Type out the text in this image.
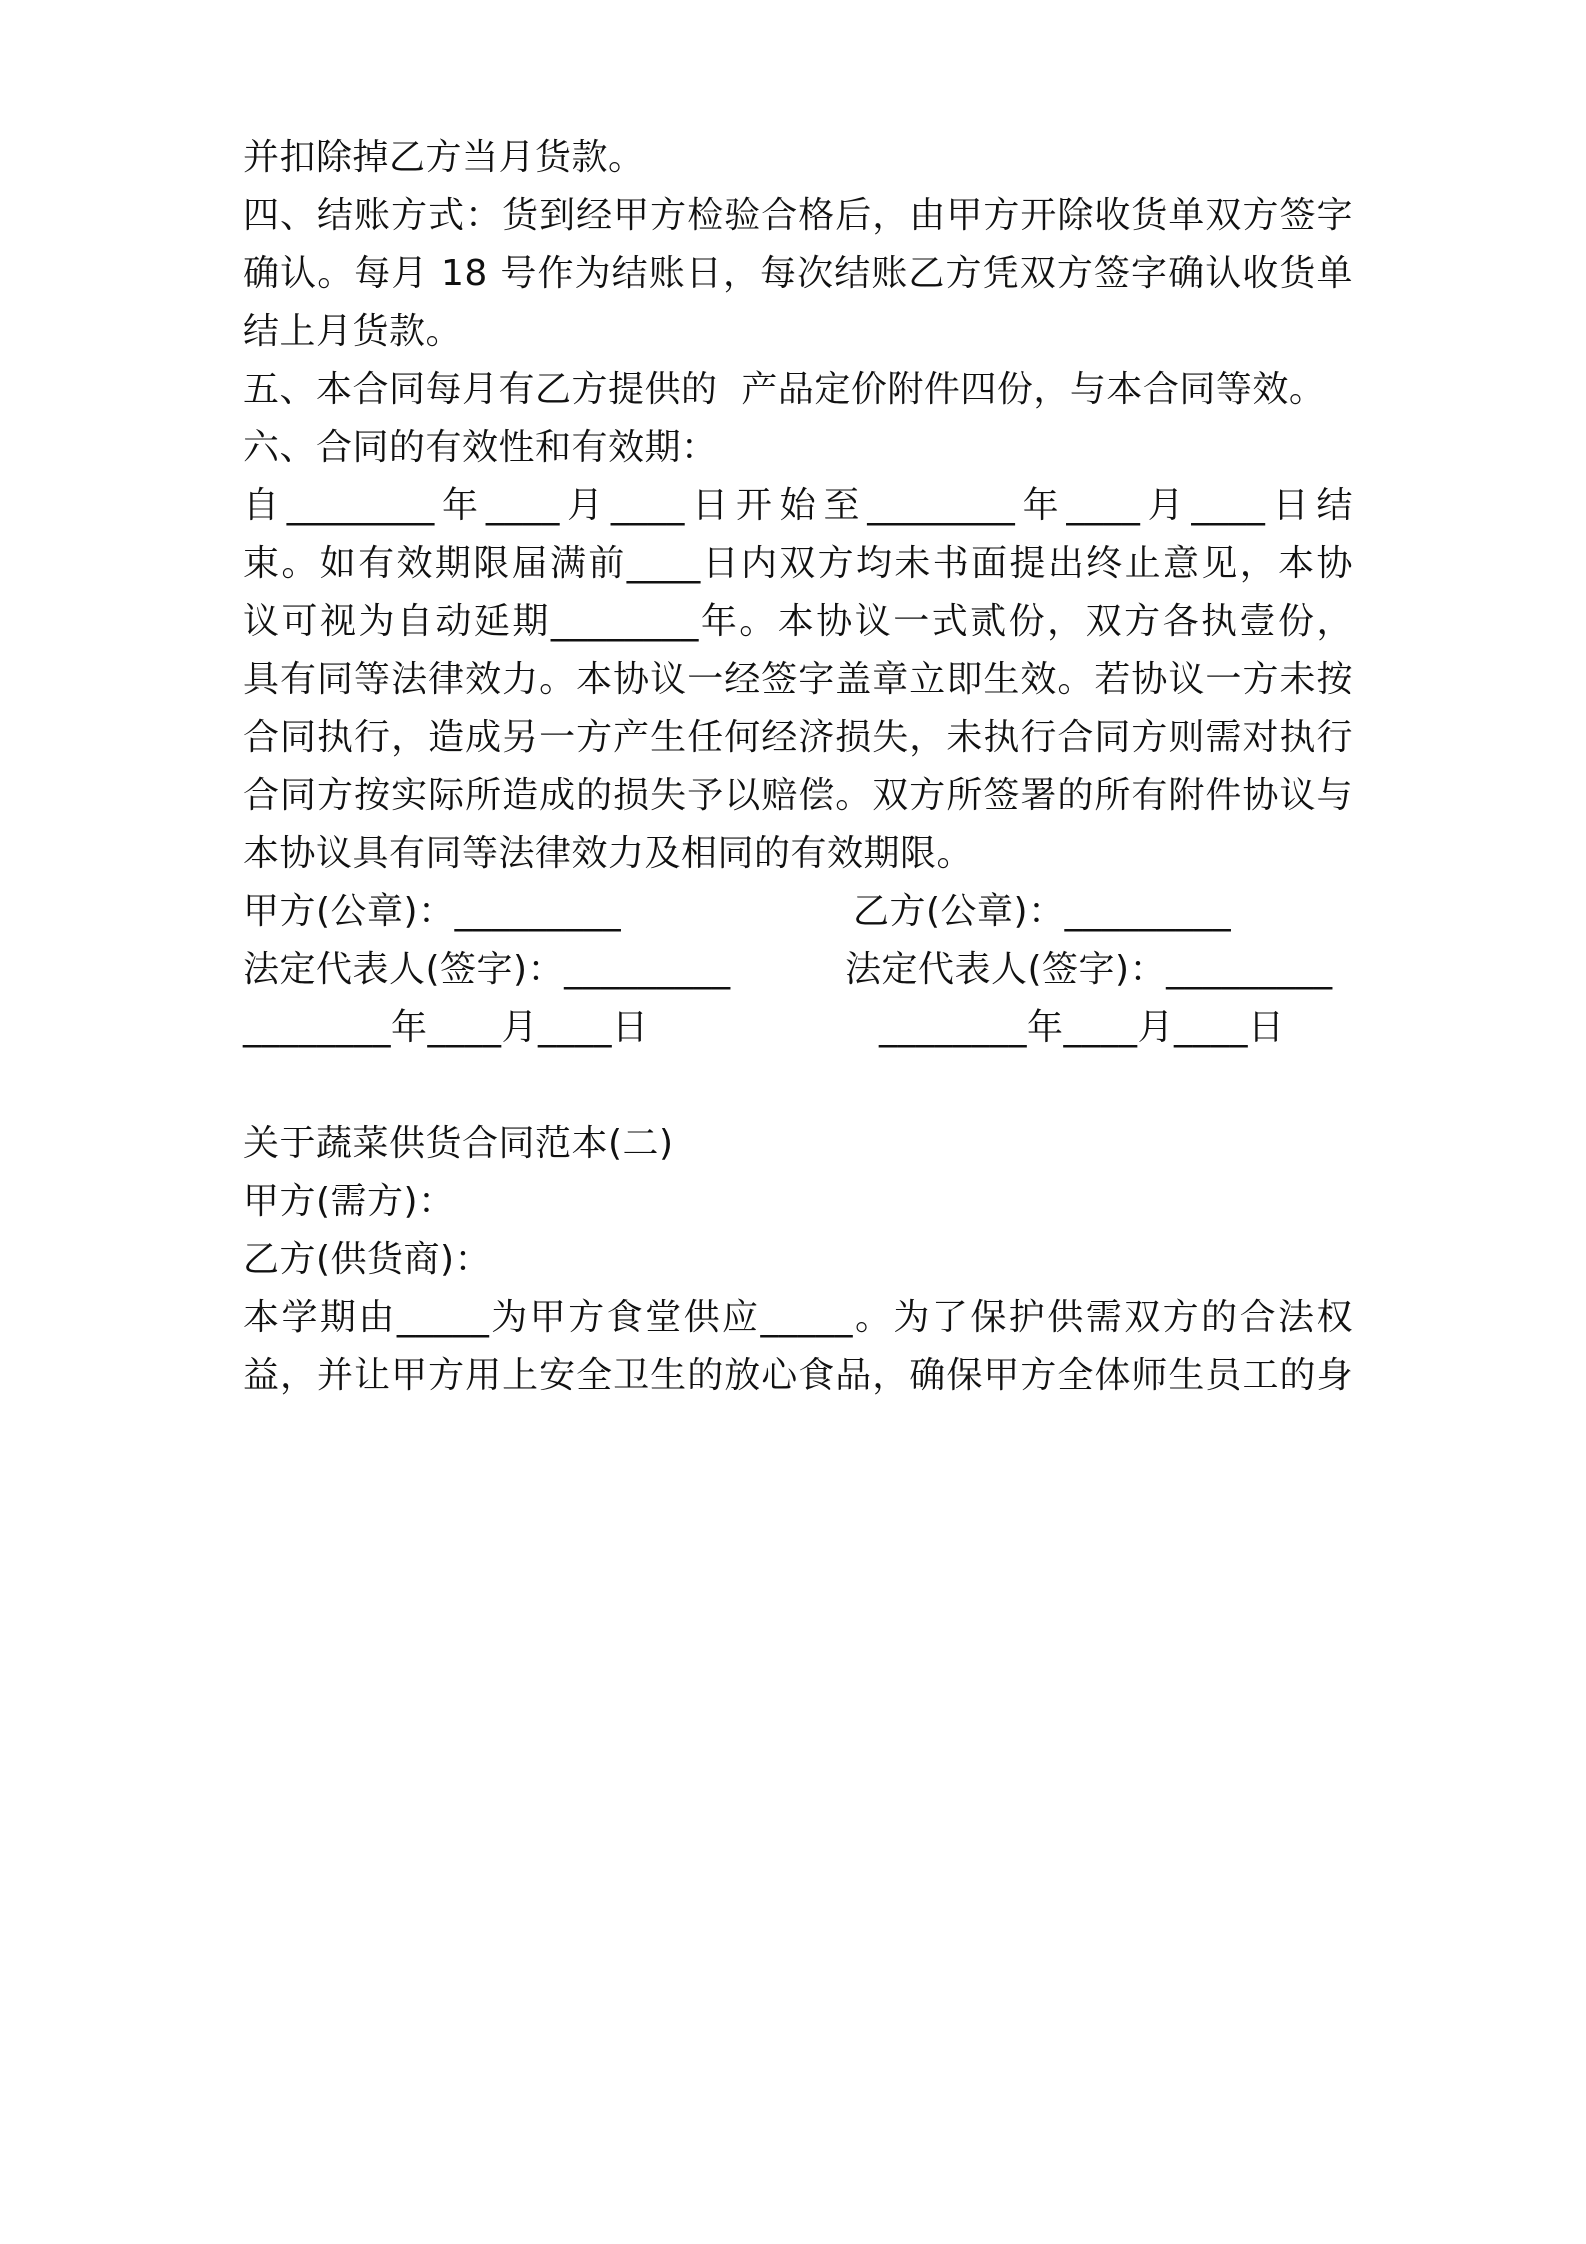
并扣除掉乙方当月货款。
四、结账方式：货到经甲方检验合格后，由甲方开除收货单双方签字
确认。每月 18 号作为结账日，每次结账乙方凭双方签字确认收货单
结上月货款。
五、本合同每月有乙方提供的  产品定价附件四份，与本合同等效。
六、合同的有效性和有效期：
自________年____月____日开始至________年____月____日结
束。如有效期限届满前____日内双方均未书面提出终止意见，本协
议可视为自动延期________年。本协议一式贰份，双方各执壹份，
具有同等法律效力。本协议一经签字盖章立即生效。若协议一方未按
合同执行，造成另一方产生任何经济损失，未执行合同方则需对执行
合同方按实际所造成的损失予以赔偿。双方所签署的所有附件协议与
本协议具有同等法律效力及相同的有效期限。
甲方(公章)：_________	乙方(公章)：_________
法定代表人(签字)：_________	法定代表人(签字)：_________
________年____月____日	________年____月____日
关于蔬菜供货合同范本(二)
甲方(需方)：
乙方(供货商)：
本学期由_____为甲方食堂供应_____。为了保护供需双方的合法权
益，并让甲方用上安全卫生的放心食品，确保甲方全体师生员工的身
